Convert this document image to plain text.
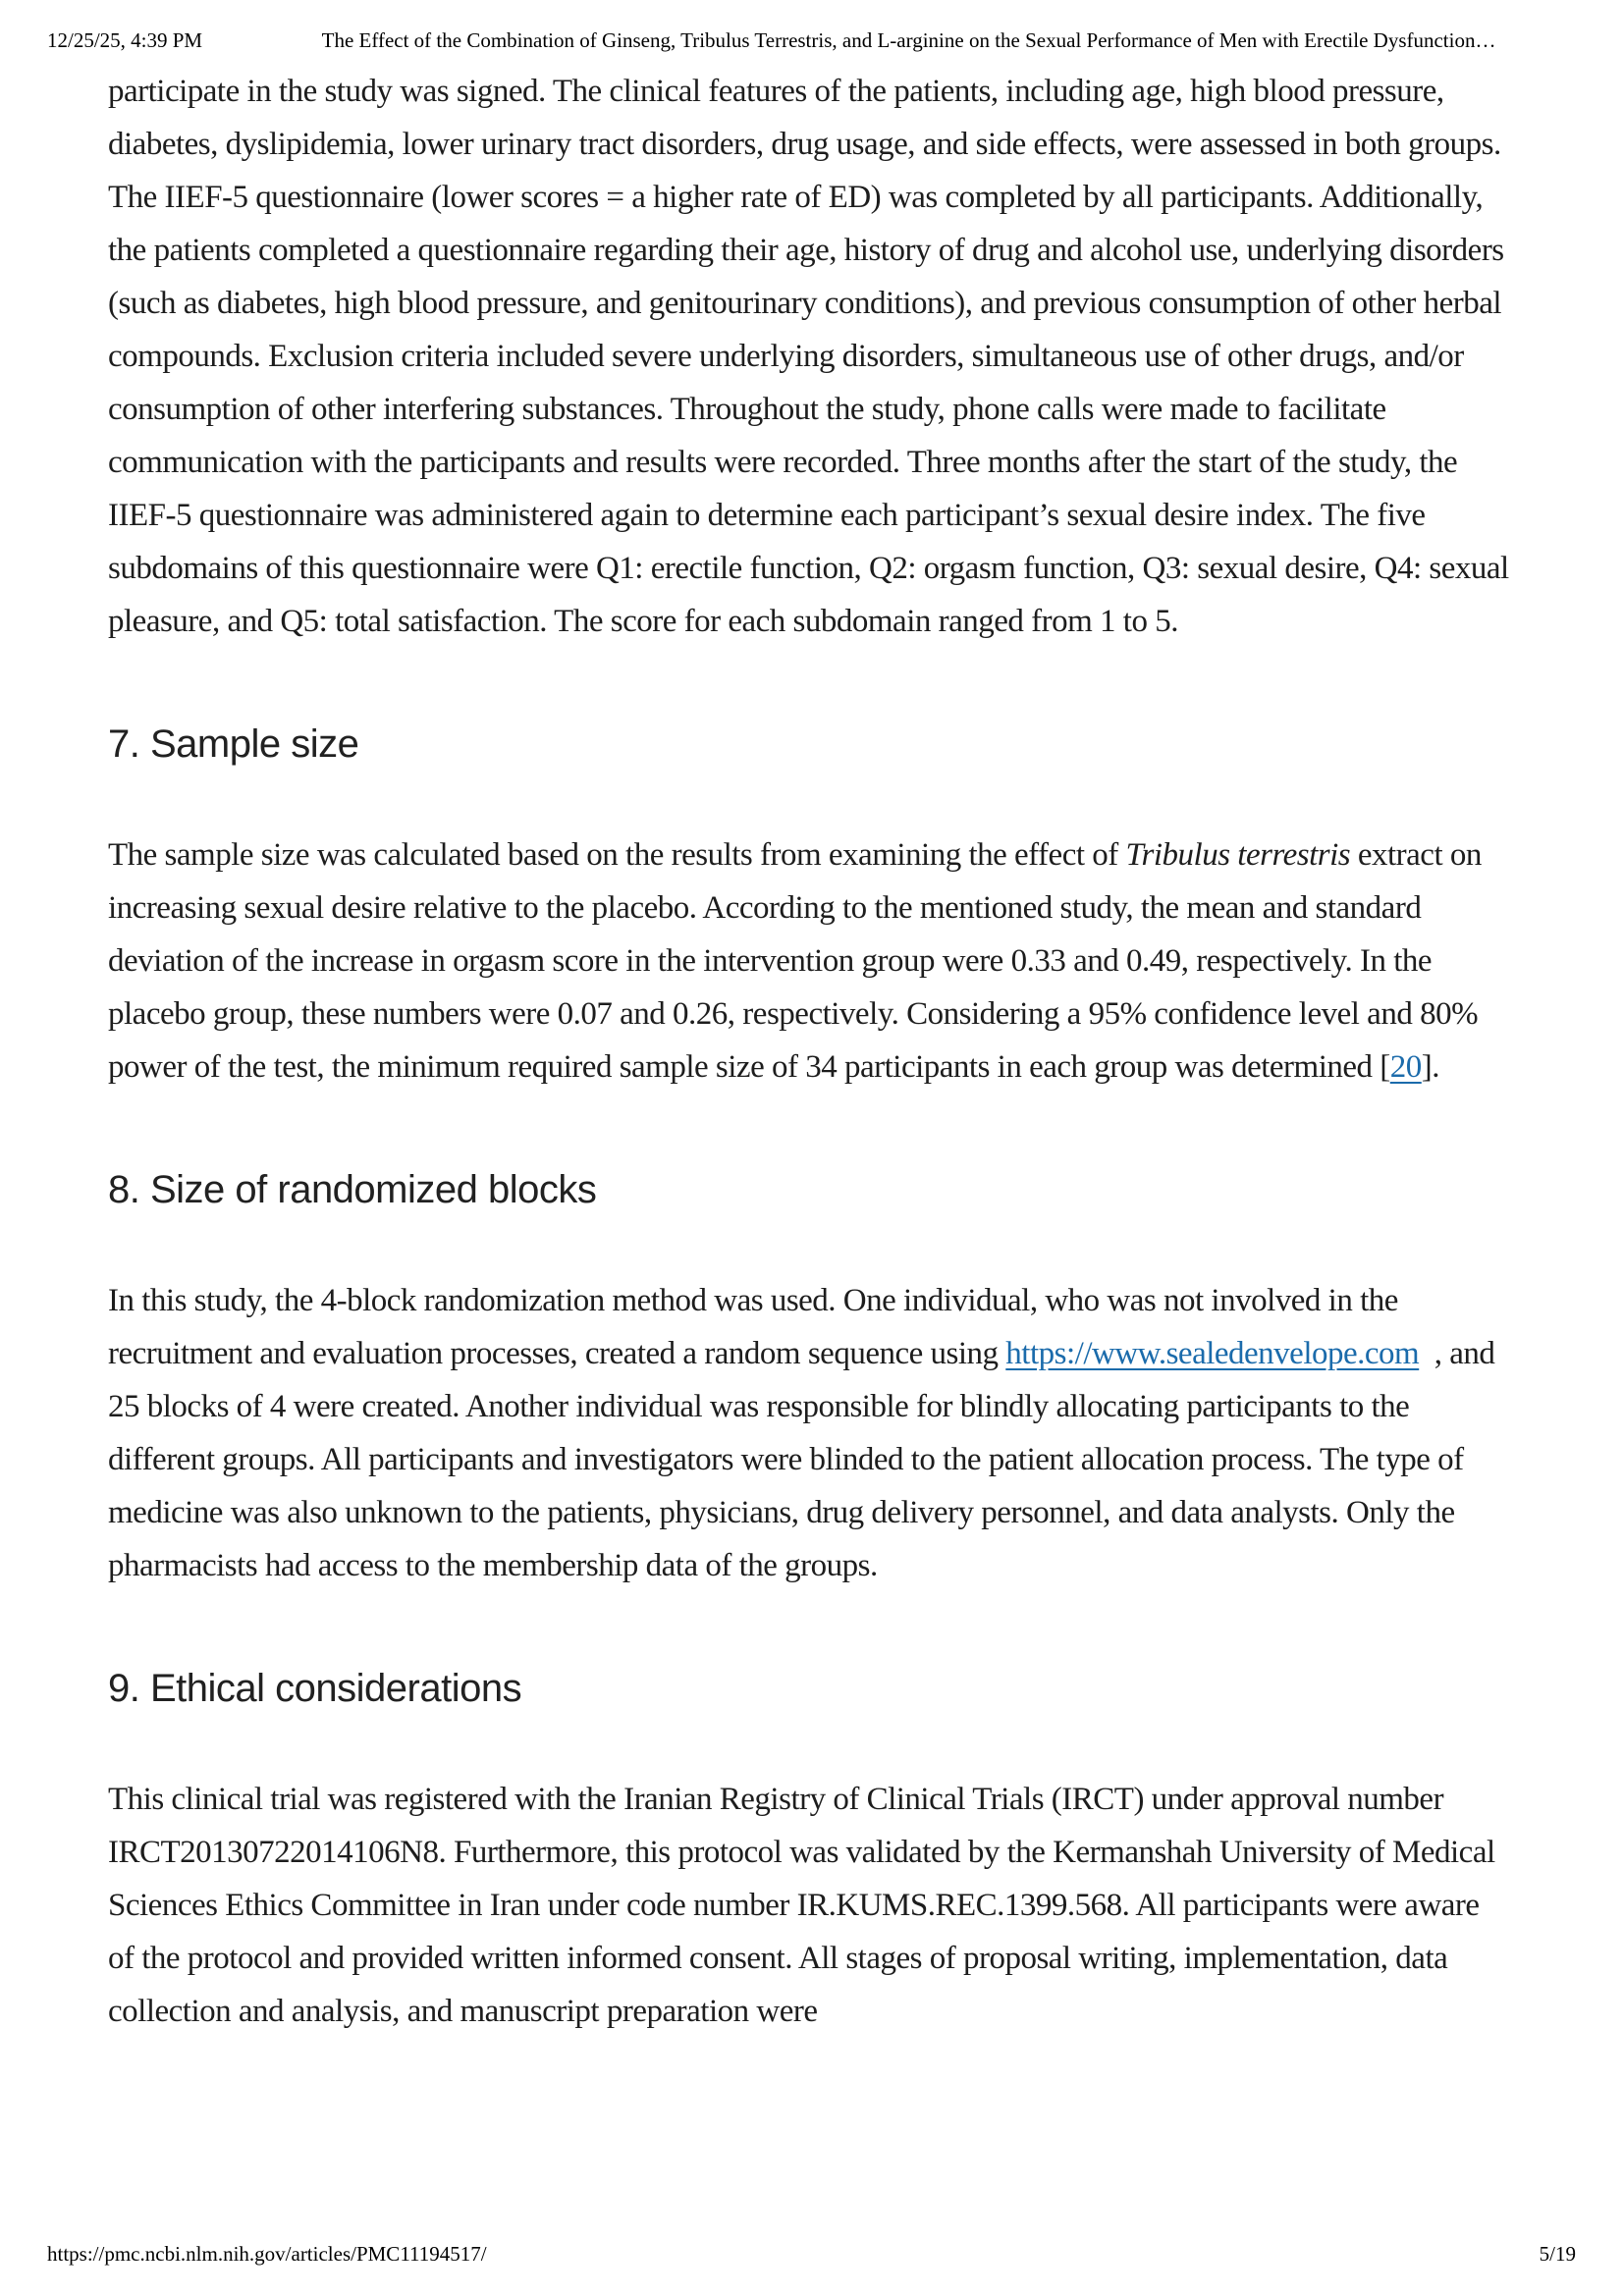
12/25/25, 4:39 PM	The Effect of the Combination of Ginseng, Tribulus Terrestris, and L-arginine on the Sexual Performance of Men with Erectile Dysfunction…

participate in the study was signed. The clinical features of the patients, including age, high blood pressure, diabetes, dyslipidemia, lower urinary tract disorders, drug usage, and side effects, were assessed in both groups. The IIEF-5 questionnaire (lower scores = a higher rate of ED) was completed by all participants. Additionally, the patients completed a questionnaire regarding their age, history of drug and alcohol use, underlying disorders (such as diabetes, high blood pressure, and genitourinary conditions), and previous consumption of other herbal compounds. Exclusion criteria included severe underlying disorders, simultaneous use of other drugs, and/or consumption of other interfering substances. Throughout the study, phone calls were made to facilitate communication with the participants and results were recorded. Three months after the start of the study, the IIEF-5 questionnaire was administered again to determine each participant’s sexual desire index. The five subdomains of this questionnaire were Q1: erectile function, Q2: orgasm function, Q3: sexual desire, Q4: sexual pleasure, and Q5: total satisfaction. The score for each subdomain ranged from 1 to 5.

7. Sample size

The sample size was calculated based on the results from examining the effect of Tribulus terrestris extract on increasing sexual desire relative to the placebo. According to the mentioned study, the mean and standard deviation of the increase in orgasm score in the intervention group were 0.33 and 0.49, respectively. In the placebo group, these numbers were 0.07 and 0.26, respectively. Considering a 95% confidence level and 80% power of the test, the minimum required sample size of 34 participants in each group was determined [20].

8. Size of randomized blocks

In this study, the 4-block randomization method was used. One individual, who was not involved in the recruitment and evaluation processes, created a random sequence using https://www.sealedenvelope.com  , and 25 blocks of 4 were created. Another individual was responsible for blindly allocating participants to the different groups. All participants and investigators were blinded to the patient allocation process. The type of medicine was also unknown to the patients, physicians, drug delivery personnel, and data analysts. Only the pharmacists had access to the membership data of the groups.

9. Ethical considerations

This clinical trial was registered with the Iranian Registry of Clinical Trials (IRCT) under approval number IRCT20130722014106N8. Furthermore, this protocol was validated by the Kermanshah University of Medical Sciences Ethics Committee in Iran under code number IR.KUMS.REC.1399.568. All participants were aware of the protocol and provided written informed consent. All stages of proposal writing, implementation, data collection and analysis, and manuscript preparation were

https://pmc.ncbi.nlm.nih.gov/articles/PMC11194517/	5/19
